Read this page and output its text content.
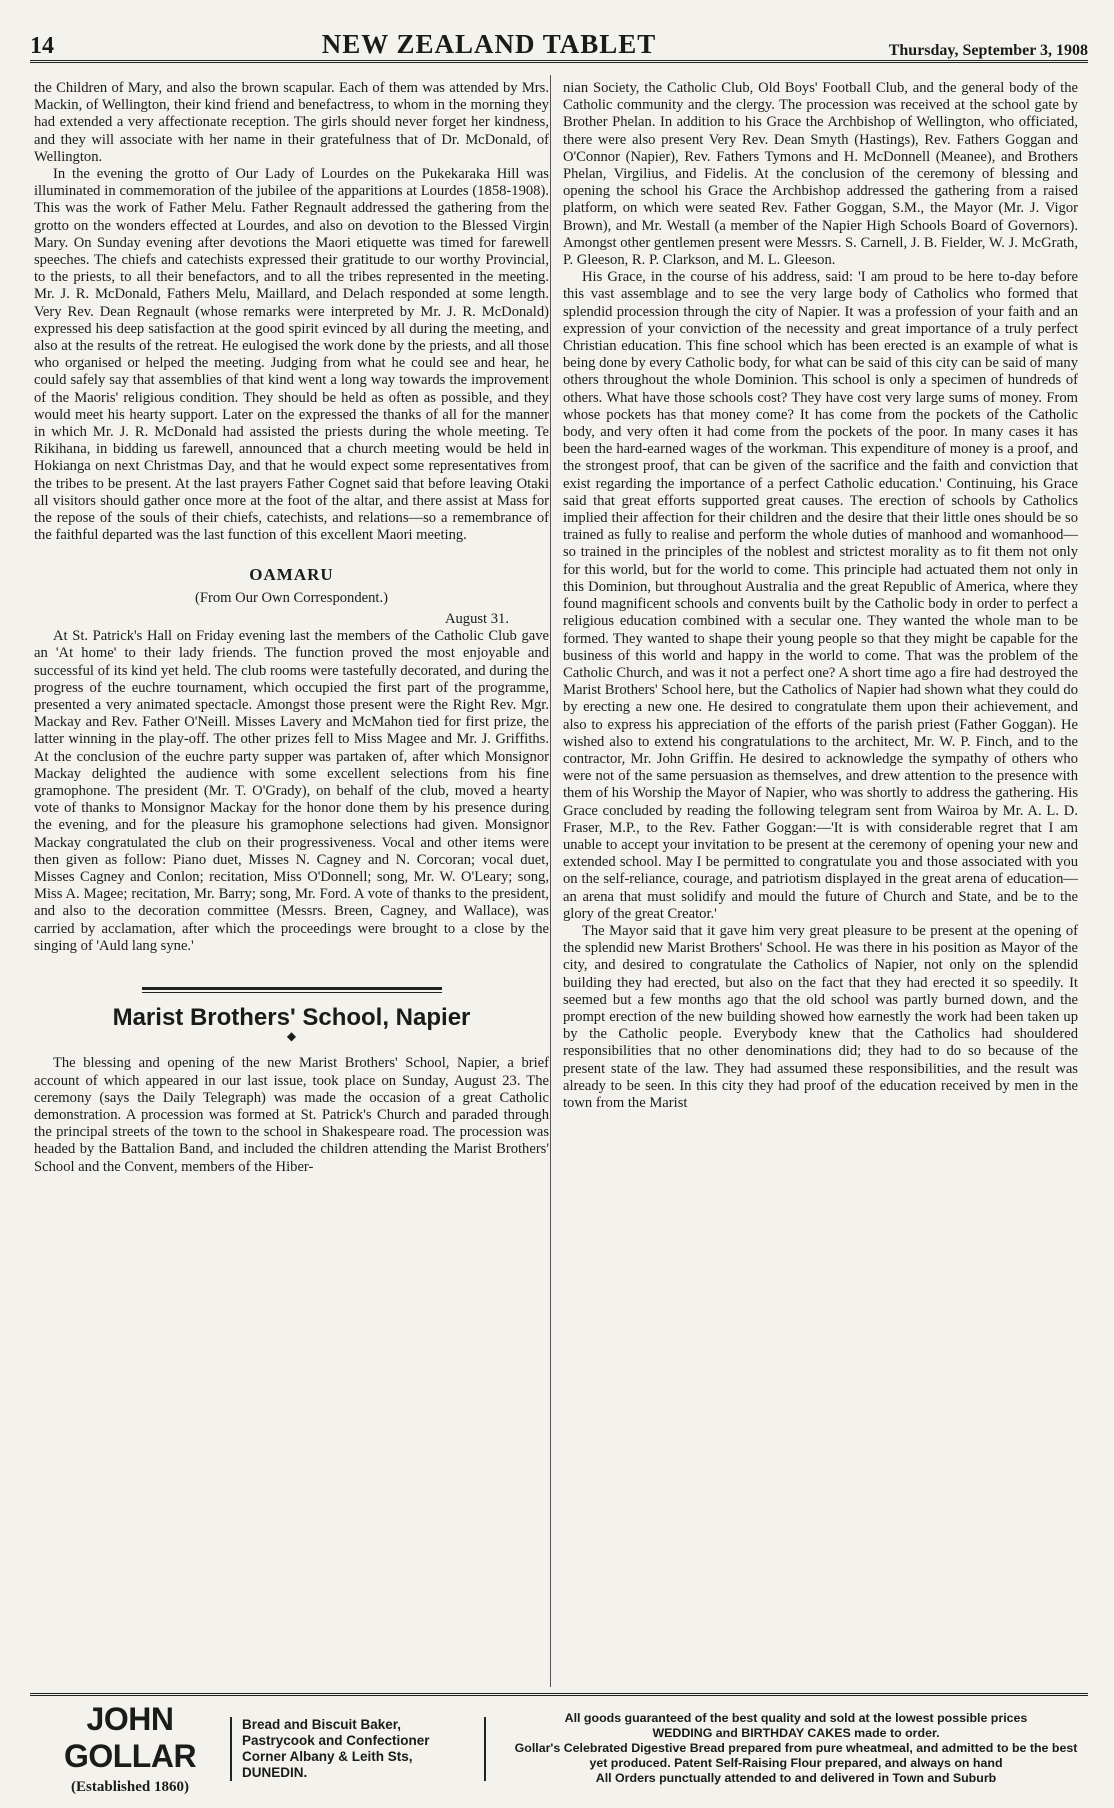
14	NEW ZEALAND TABLET	Thursday, September 3, 1908

the Children of Mary, and also the brown scapular. Each of them was attended by Mrs. Mackin, of Wellington, their kind friend and benefactress, to whom in the morning they had extended a very affectionate reception. The girls should never forget her kindness, and they will associate with her name in their gratefulness that of Dr. McDonald, of Wellington.

In the evening the grotto of Our Lady of Lourdes on the Pukekaraka Hill was illuminated in commemoration of the jubilee of the apparitions at Lourdes (1858-1908). This was the work of Father Melu. Father Regnault addressed the gathering from the grotto on the wonders effected at Lourdes, and also on devotion to the Blessed Virgin Mary. On Sunday evening after devotions the Maori etiquette was timed for farewell speeches. The chiefs and catechists expressed their gratitude to our worthy Provincial, to the priests, to all their benefactors, and to all the tribes represented in the meeting. Mr. J. R. McDonald, Fathers Melu, Maillard, and Delach responded at some length. Very Rev. Dean Regnault (whose remarks were interpreted by Mr. J. R. McDonald) expressed his deep satisfaction at the good spirit evinced by all during the meeting, and also at the results of the retreat. He eulogised the work done by the priests, and all those who organised or helped the meeting. Judging from what he could see and hear, he could safely say that assemblies of that kind went a long way towards the improvement of the Maoris' religious condition. They should be held as often as possible, and they would meet his hearty support. Later on the expressed the thanks of all for the manner in which Mr. J. R. McDonald had assisted the priests during the whole meeting. Te Rikihana, in bidding us farewell, announced that a church meeting would be held in Hokianga on next Christmas Day, and that he would expect some representatives from the tribes to be present. At the last prayers Father Cognet said that before leaving Otaki all visitors should gather once more at the foot of the altar, and there assist at Mass for the repose of the souls of their chiefs, catechists, and relations—so a remembrance of the faithful departed was the last function of this excellent Maori meeting.

OAMARU
(From Our Own Correspondent.)
August 31.

At St. Patrick's Hall on Friday evening last the members of the Catholic Club gave an 'At home' to their lady friends. The function proved the most enjoyable and successful of its kind yet held. The club rooms were tastefully decorated, and during the progress of the euchre tournament, which occupied the first part of the programme, presented a very animated spectacle. Amongst those present were the Right Rev. Mgr. Mackay and Rev. Father O'Neill. Misses Lavery and McMahon tied for first prize, the latter winning in the play-off. The other prizes fell to Miss Magee and Mr. J. Griffiths. At the conclusion of the euchre party supper was partaken of, after which Monsignor Mackay delighted the audience with some excellent selections from his fine gramophone. The president (Mr. T. O'Grady), on behalf of the club, moved a hearty vote of thanks to Monsignor Mackay for the honor done them by his presence during the evening, and for the pleasure his gramophone selections had given. Monsignor Mackay congratulated the club on their progressiveness. Vocal and other items were then given as follow: Piano duet, Misses N. Cagney and N. Corcoran; vocal duet, Misses Cagney and Conlon; recitation, Miss O'Donnell; song, Mr. W. O'Leary; song, Miss A. Magee; recitation, Mr. Barry; song, Mr. Ford. A vote of thanks to the president, and also to the decoration committee (Messrs. Breen, Cagney, and Wallace), was carried by acclamation, after which the proceedings were brought to a close by the singing of 'Auld lang syne.'

Marist Brothers' School, Napier
◆

The blessing and opening of the new Marist Brothers' School, Napier, a brief account of which appeared in our last issue, took place on Sunday, August 23. The ceremony (says the Daily Telegraph) was made the occasion of a great Catholic demonstration. A procession was formed at St. Patrick's Church and paraded through the principal streets of the town to the school in Shakespeare road. The procession was headed by the Battalion Band, and included the children attending the Marist Brothers' School and the Convent, members of the Hiber-

nian Society, the Catholic Club, Old Boys' Football Club, and the general body of the Catholic community and the clergy. The procession was received at the school gate by Brother Phelan. In addition to his Grace the Archbishop of Wellington, who officiated, there were also present Very Rev. Dean Smyth (Hastings), Rev. Fathers Goggan and O'Connor (Napier), Rev. Fathers Tymons and H. McDonnell (Meanee), and Brothers Phelan, Virgilius, and Fidelis. At the conclusion of the ceremony of blessing and opening the school his Grace the Archbishop addressed the gathering from a raised platform, on which were seated Rev. Father Goggan, S.M., the Mayor (Mr. J. Vigor Brown), and Mr. Westall (a member of the Napier High Schools Board of Governors). Amongst other gentlemen present were Messrs. S. Carnell, J. B. Fielder, W. J. McGrath, P. Gleeson, R. P. Clarkson, and M. L. Gleeson.

His Grace, in the course of his address, said: 'I am proud to be here to-day before this vast assemblage and to see the very large body of Catholics who formed that splendid procession through the city of Napier. It was a profession of your faith and an expression of your conviction of the necessity and great importance of a truly perfect Christian education. This fine school which has been erected is an example of what is being done by every Catholic body, for what can be said of this city can be said of many others throughout the whole Dominion. This school is only a specimen of hundreds of others. What have those schools cost? They have cost very large sums of money. From whose pockets has that money come? It has come from the pockets of the Catholic body, and very often it had come from the pockets of the poor. In many cases it has been the hard-earned wages of the workman. This expenditure of money is a proof, and the strongest proof, that can be given of the sacrifice and the faith and conviction that exist regarding the importance of a perfect Catholic education.' Continuing, his Grace said that great efforts supported great causes. The erection of schools by Catholics implied their affection for their children and the desire that their little ones should be so trained as fully to realise and perform the whole duties of manhood and womanhood—so trained in the principles of the noblest and strictest morality as to fit them not only for this world, but for the world to come. This principle had actuated them not only in this Dominion, but throughout Australia and the great Republic of America, where they found magnificent schools and convents built by the Catholic body in order to perfect a religious education combined with a secular one. They wanted the whole man to be formed. They wanted to shape their young people so that they might be capable for the business of this world and happy in the world to come. That was the problem of the Catholic Church, and was it not a perfect one? A short time ago a fire had destroyed the Marist Brothers' School here, but the Catholics of Napier had shown what they could do by erecting a new one. He desired to congratulate them upon their achievement, and also to express his appreciation of the efforts of the parish priest (Father Goggan). He wished also to extend his congratulations to the architect, Mr. W. P. Finch, and to the contractor, Mr. John Griffin. He desired to acknowledge the sympathy of others who were not of the same persuasion as themselves, and drew attention to the presence with them of his Worship the Mayor of Napier, who was shortly to address the gathering. His Grace concluded by reading the following telegram sent from Wairoa by Mr. A. L. D. Fraser, M.P., to the Rev. Father Goggan:—'It is with considerable regret that I am unable to accept your invitation to be present at the ceremony of opening your new and extended school. May I be permitted to congratulate you and those associated with you on the self-reliance, courage, and patriotism displayed in the great arena of education—an arena that must solidify and mould the future of Church and State, and be to the glory of the great Creator.'

The Mayor said that it gave him very great pleasure to be present at the opening of the splendid new Marist Brothers' School. He was there in his position as Mayor of the city, and desired to congratulate the Catholics of Napier, not only on the splendid building they had erected, but also on the fact that they had erected it so speedily. It seemed but a few months ago that the old school was partly burned down, and the prompt erection of the new building showed how earnestly the work had been taken up by the Catholic people. Everybody knew that the Catholics had shouldered responsibilities that no other denominations did; they had to do so because of the present state of the law. They had assumed these responsibilities, and the result was already to be seen. In this city they had proof of the education received by men in the town from the Marist

JOHN GOLLAR
(Established 1860)
Bread and Biscuit Baker,
Pastrycook and Confectioner
Corner Albany & Leith Sts,
DUNEDIN.
All goods guaranteed of the best quality and sold at the lowest possible prices
WEDDING and BIRTHDAY CAKES made to order.
Gollar's Celebrated Digestive Bread prepared from pure wheatmeal, and admitted to be the best yet produced. Patent Self-Raising Flour prepared, and always on hand
All Orders punctually attended to and delivered in Town and Suburb
